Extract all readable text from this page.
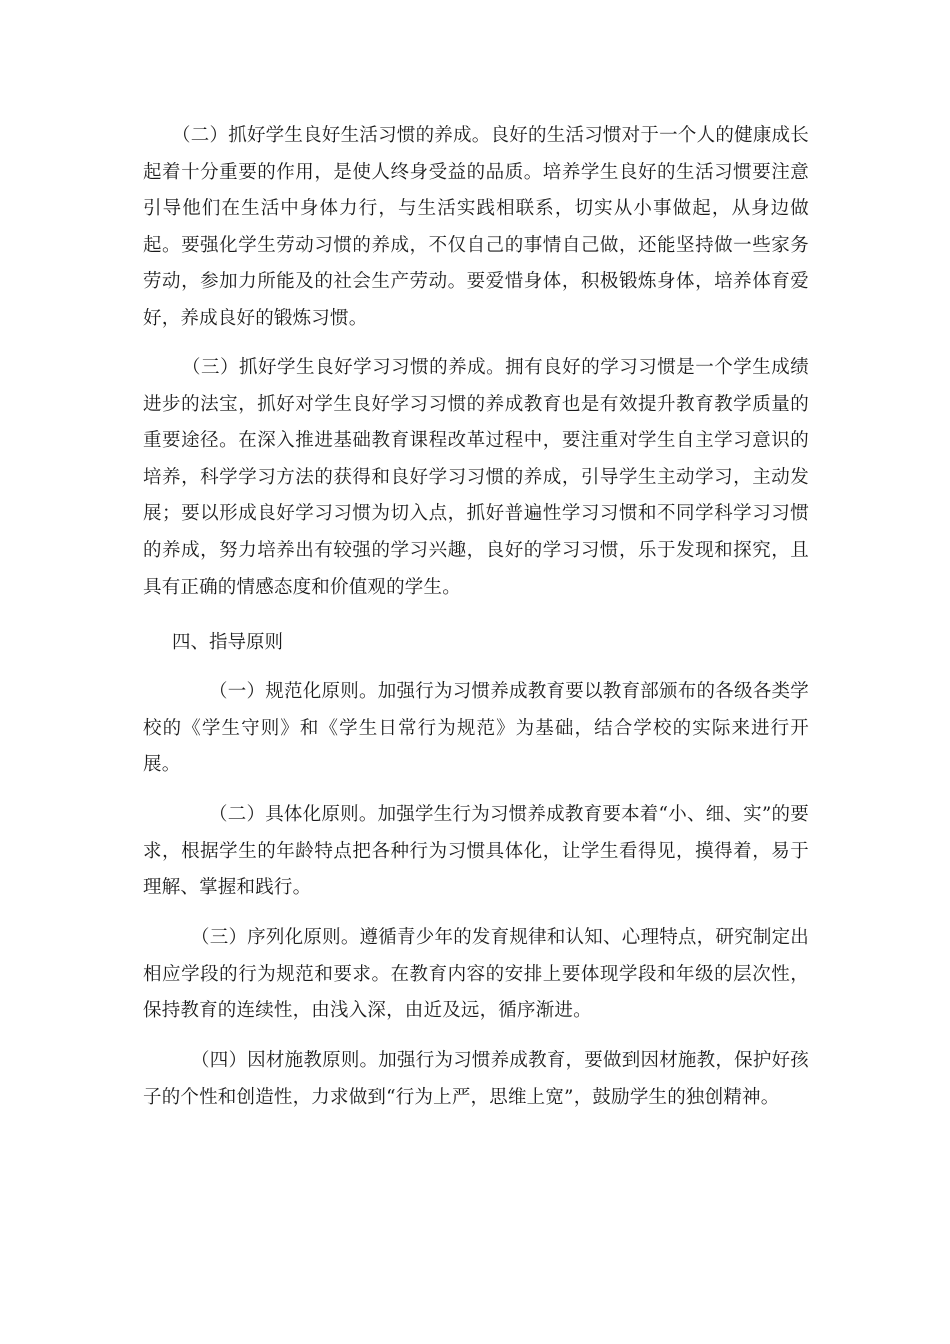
（二）抓好学生良好生活习惯的养成。良好的生活习惯对于一个人的健康成长起着十分重要的作用，是使人终身受益的品质。培养学生良好的生活习惯要注意引导他们在生活中身体力行，与生活实践相联系，切实从小事做起，从身边做起。要强化学生劳动习惯的养成，不仅自己的事情自己做，还能坚持做一些家务劳动，参加力所能及的社会生产劳动。要爱惜身体，积极锻炼身体，培养体育爱好，养成良好的锻炼习惯。

（三）抓好学生良好学习习惯的养成。拥有良好的学习习惯是一个学生成绩进步的法宝，抓好对学生良好学习习惯的养成教育也是有效提升教育教学质量的重要途径。在深入推进基础教育课程改革过程中，要注重对学生自主学习意识的培养，科学学习方法的获得和良好学习习惯的养成，引导学生主动学习，主动发展；要以形成良好学习习惯为切入点，抓好普遍性学习习惯和不同学科学习习惯的养成，努力培养出有较强的学习兴趣，良好的学习习惯，乐于发现和探究，且具有正确的情感态度和价值观的学生。

四、指导原则

（一）规范化原则。加强行为习惯养成教育要以教育部颁布的各级各类学校的《学生守则》和《学生日常行为规范》为基础，结合学校的实际来进行开展。

（二）具体化原则。加强学生行为习惯养成教育要本着“小、细、实”的要求，根据学生的年龄特点把各种行为习惯具体化，让学生看得见，摸得着，易于理解、掌握和践行。

（三）序列化原则。遵循青少年的发育规律和认知、心理特点，研究制定出相应学段的行为规范和要求。在教育内容的安排上要体现学段和年级的层次性，保持教育的连续性，由浅入深，由近及远，循序渐进。

（四）因材施教原则。加强行为习惯养成教育，要做到因材施教，保护好孩子的个性和创造性，力求做到“行为上严，思维上宽”，鼓励学生的独创精神。
